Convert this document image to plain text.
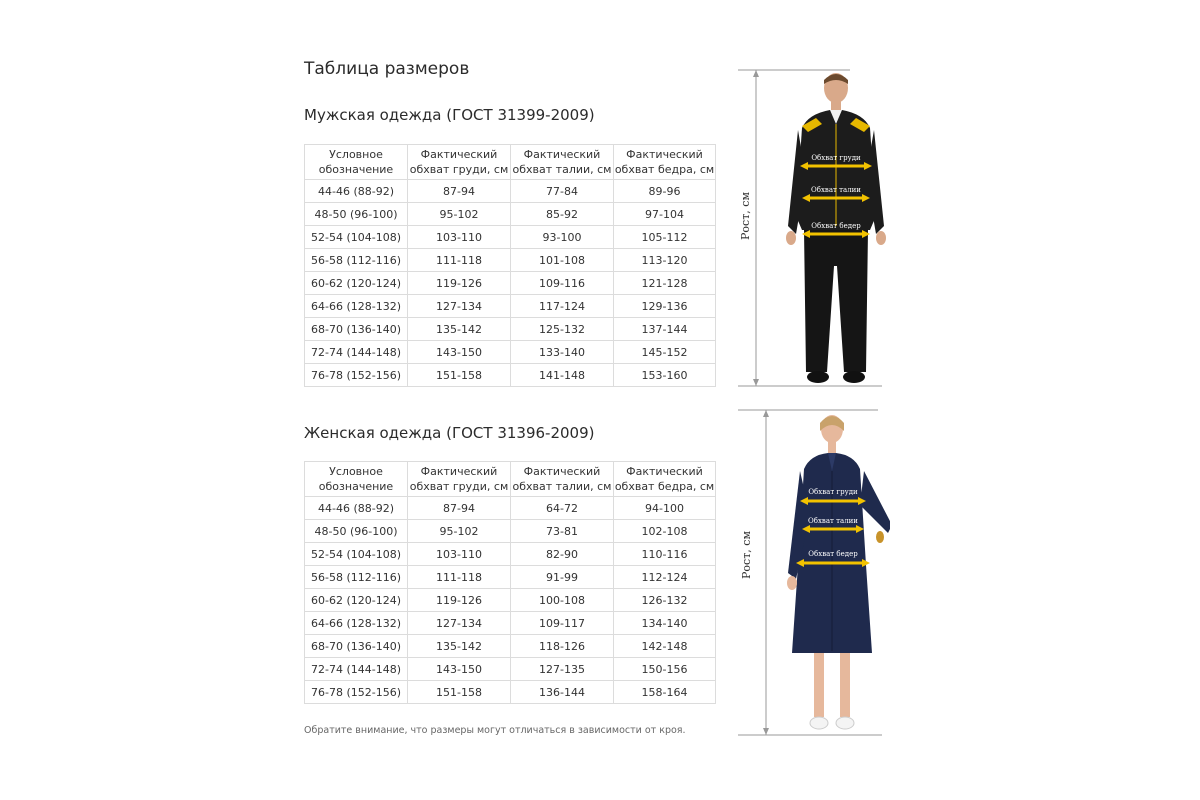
Таблица размеров
Мужская одежда (ГОСТ 31399-2009)
Условное обозначение	Фактический обхват груди, см	Фактический обхват талии, см	Фактический обхват бедра, см
44-46 (88-92)	87-94	77-84	89-96
48-50 (96-100)	95-102	85-92	97-104
52-54 (104-108)	103-110	93-100	105-112
56-58 (112-116)	111-118	101-108	113-120
60-62 (120-124)	119-126	109-116	121-128
64-66 (128-132)	127-134	117-124	129-136
68-70 (136-140)	135-142	125-132	137-144
72-74 (144-148)	143-150	133-140	145-152
76-78 (152-156)	151-158	141-148	153-160
Женская одежда (ГОСТ 31396-2009)
Условное обозначение	Фактический обхват груди, см	Фактический обхват талии, см	Фактический обхват бедра, см
44-46 (88-92)	87-94	64-72	94-100
48-50 (96-100)	95-102	73-81	102-108
52-54 (104-108)	103-110	82-90	110-116
56-58 (112-116)	111-118	91-99	112-124
60-62 (120-124)	119-126	100-108	126-132
64-66 (128-132)	127-134	109-117	134-140
68-70 (136-140)	135-142	118-126	142-148
72-74 (144-148)	143-150	127-135	150-156
76-78 (152-156)	151-158	136-144	158-164
Обратите внимание, что размеры могут отличаться в зависимости от кроя.
Рост, см
Обхват груди
Обхват талии
Обхват бедер
Рост, см
Обхват груди
Обхват талии
Обхват бедер
